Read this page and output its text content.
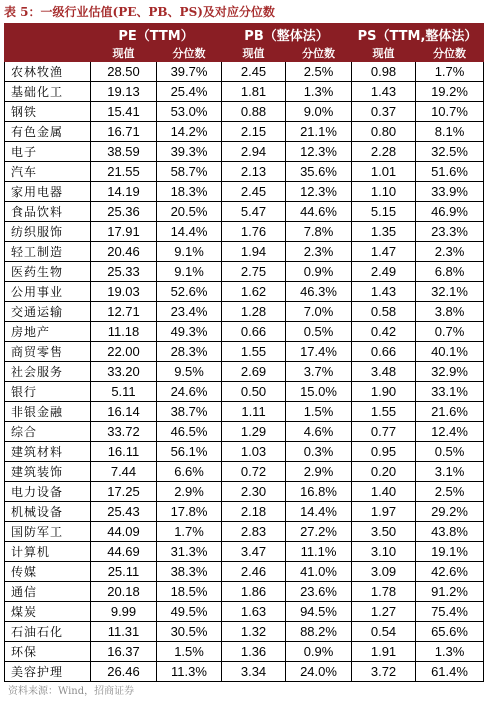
表 5：一级行业估值(PE、PB、PS)及对应分位数
	PE（TTM）		PB（整体法）		PS（TTM,整体法）	
	现值	分位数	现值	分位数	现值	分位数
农林牧渔	28.50	39.7%	2.45	2.5%	0.98	1.7%
基础化工	19.13	25.4%	1.81	1.3%	1.43	19.2%
钢铁	15.41	53.0%	0.88	9.0%	0.37	10.7%
有色金属	16.71	14.2%	2.15	21.1%	0.80	8.1%
电子	38.59	39.3%	2.94	12.3%	2.28	32.5%
汽车	21.55	58.7%	2.13	35.6%	1.01	51.6%
家用电器	14.19	18.3%	2.45	12.3%	1.10	33.9%
食品饮料	25.36	20.5%	5.47	44.6%	5.15	46.9%
纺织服饰	17.91	14.4%	1.76	7.8%	1.35	23.3%
轻工制造	20.46	9.1%	1.94	2.3%	1.47	2.3%
医药生物	25.33	9.1%	2.75	0.9%	2.49	6.8%
公用事业	19.03	52.6%	1.62	46.3%	1.43	32.1%
交通运输	12.71	23.4%	1.28	7.0%	0.58	3.8%
房地产	11.18	49.3%	0.66	0.5%	0.42	0.7%
商贸零售	22.00	28.3%	1.55	17.4%	0.66	40.1%
社会服务	33.20	9.5%	2.69	3.7%	3.48	32.9%
银行	5.11	24.6%	0.50	15.0%	1.90	33.1%
非银金融	16.14	38.7%	1.11	1.5%	1.55	21.6%
综合	33.72	46.5%	1.29	4.6%	0.77	12.4%
建筑材料	16.11	56.1%	1.03	0.3%	0.95	0.5%
建筑装饰	7.44	6.6%	0.72	2.9%	0.20	3.1%
电力设备	17.25	2.9%	2.30	16.8%	1.40	2.5%
机械设备	25.43	17.8%	2.18	14.4%	1.97	29.2%
国防军工	44.09	1.7%	2.83	27.2%	3.50	43.8%
计算机	44.69	31.3%	3.47	11.1%	3.10	19.1%
传媒	25.11	38.3%	2.46	41.0%	3.09	42.6%
通信	20.18	18.5%	1.86	23.6%	1.78	91.2%
煤炭	9.99	49.5%	1.63	94.5%	1.27	75.4%
石油石化	11.31	30.5%	1.32	88.2%	0.54	65.6%
环保	16.37	1.5%	1.36	0.9%	1.91	1.3%
美容护理	26.46	11.3%	3.34	24.0%	3.72	61.4%
资料来源：Wind，招商证券
